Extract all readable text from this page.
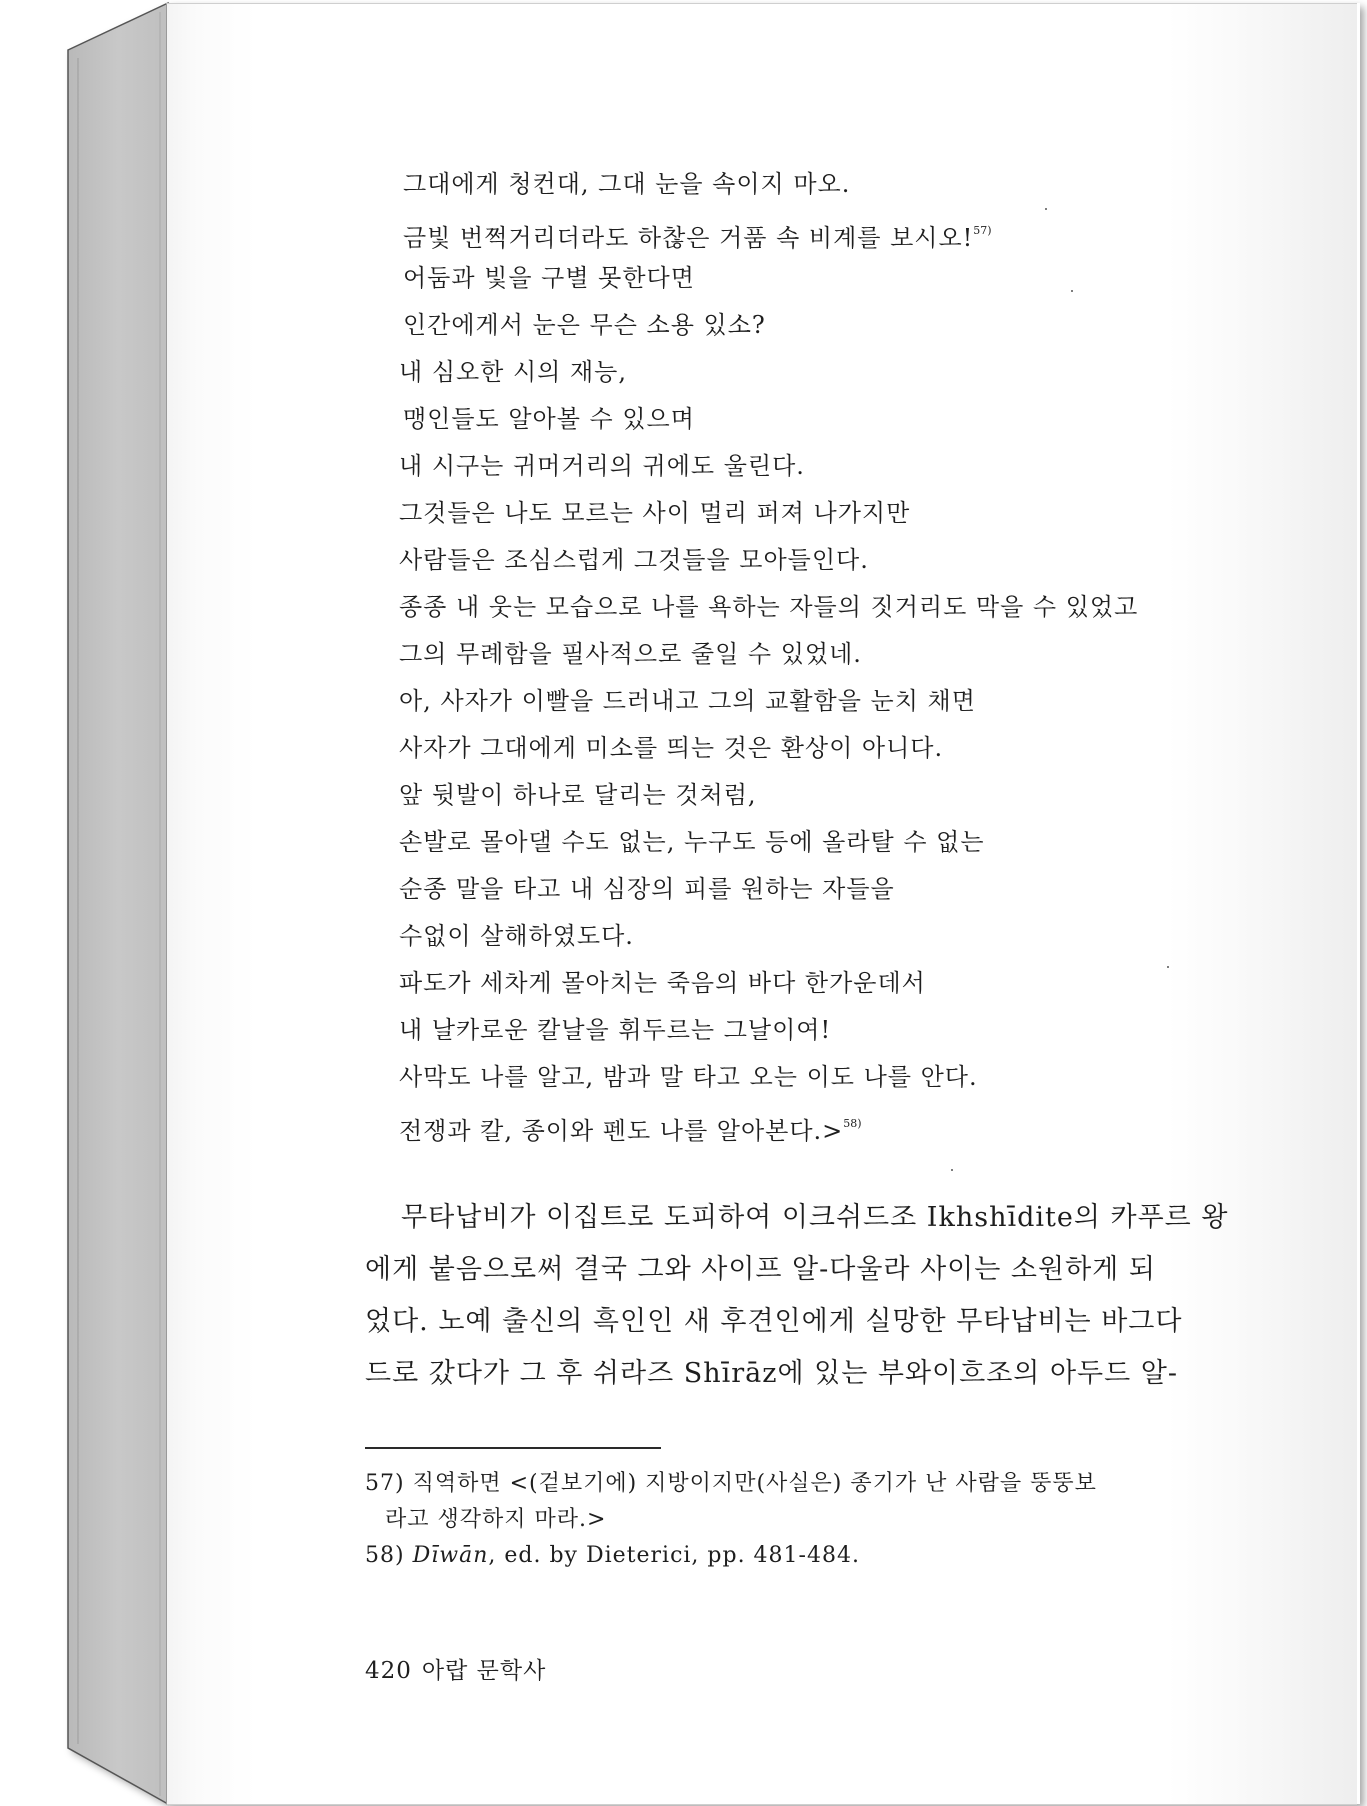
그대에게 청컨대, 그대 눈을 속이지 마오.
금빛 번쩍거리더라도 하찮은 거품 속 비계를 보시오!$^{57)}$
어둠과 빛을 구별 못한다면
인간에게서 눈은 무슨 소용 있소?
내 심오한 시의 재능,
맹인들도 알아볼 수 있으며
내 시구는 귀머거리의 귀에도 울린다.
그것들은 나도 모르는 사이 멀리 퍼져 나가지만
사람들은 조심스럽게 그것들을 모아들인다.
종종 내 웃는 모습으로 나를 욕하는 자들의 짓거리도 막을 수 있었고
그의 무례함을 필사적으로 줄일 수 있었네.
아, 사자가 이빨을 드러내고 그의 교활함을 눈치 채면
사자가 그대에게 미소를 띄는 것은 환상이 아니다.
앞 뒷발이 하나로 달리는 것처럼,
손발로 몰아댈 수도 없는, 누구도 등에 올라탈 수 없는
순종 말을 타고 내 심장의 피를 원하는 자들을
수없이 살해하였도다.
파도가 세차게 몰아치는 죽음의 바다 한가운데서
내 날카로운 칼날을 휘두르는 그날이여!
사막도 나를 알고, 밤과 말 타고 오는 이도 나를 안다.
전쟁과 칼, 종이와 펜도 나를 알아본다.>$^{58)}$
무타납비가 이집트로 도피하여 이크쉬드조 Ikhshīdite의 카푸르 왕
에게 붙음으로써 결국 그와 사이프 알-다울라 사이는 소원하게 되
었다. 노예 출신의 흑인인 새 후견인에게 실망한 무타납비는 바그다
드로 갔다가 그 후 쉬라즈 Shīrāz에 있는 부와이흐조의 아두드 알-
57) 직역하면 <(겉보기에) 지방이지만(사실은) 종기가 난 사람을 뚱뚱보
라고 생각하지 마라.>
58) Dīwān, ed. by Dieterici, pp. 481-484.
420 아랍 문학사
